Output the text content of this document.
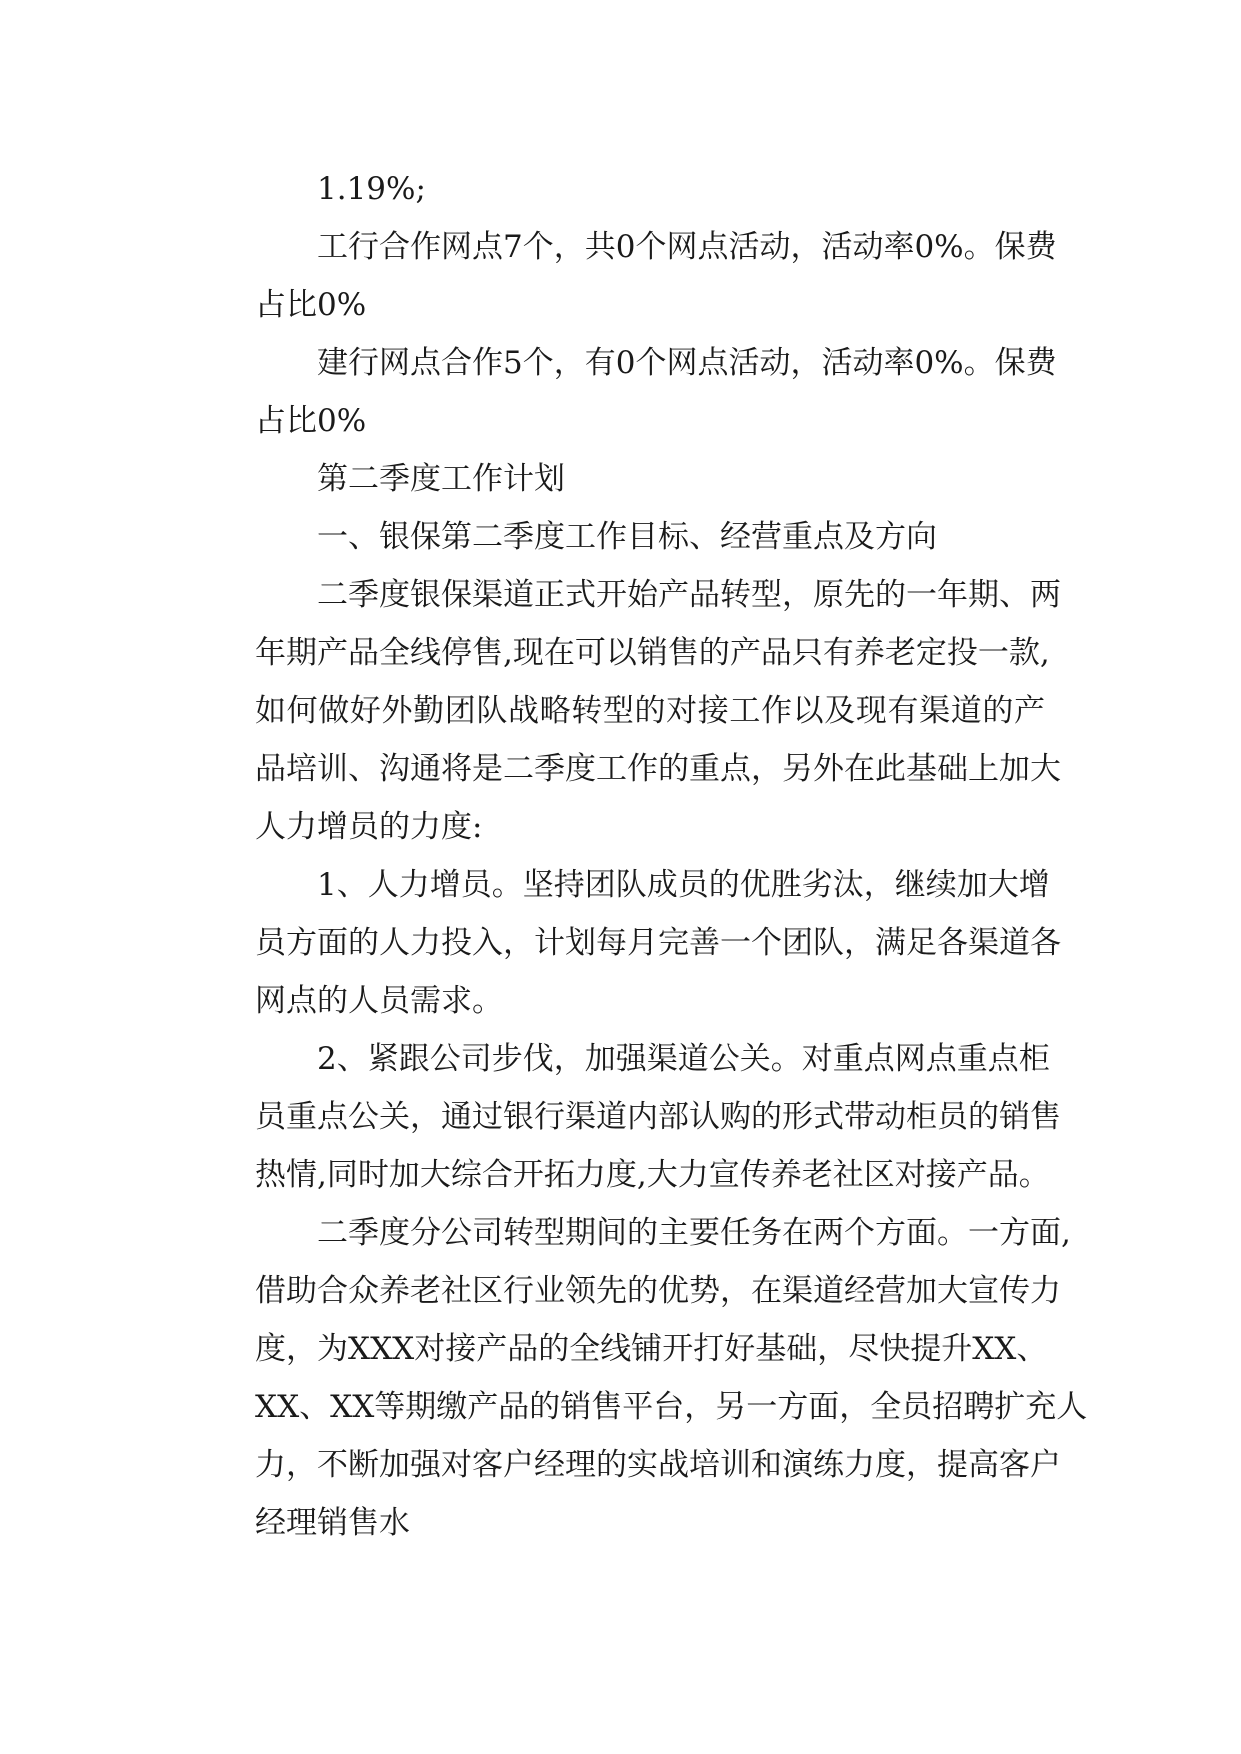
1.19%;
工行合作网点7个，共0个网点活动，活动率0%。保费
占比0%
建行网点合作5个，有0个网点活动，活动率0%。保费
占比0%
第二季度工作计划
一、银保第二季度工作目标、经营重点及方向
二季度银保渠道正式开始产品转型，原先的一年期、两
年期产品全线停售,现在可以销售的产品只有养老定投一款,
如何做好外勤团队战略转型的对接工作以及现有渠道的产
品培训、沟通将是二季度工作的重点，另外在此基础上加大
人力增员的力度:
1、人力增员。坚持团队成员的优胜劣汰，继续加大增
员方面的人力投入，计划每月完善一个团队，满足各渠道各
网点的人员需求。
2、紧跟公司步伐，加强渠道公关。对重点网点重点柜
员重点公关，通过银行渠道内部认购的形式带动柜员的销售
热情,同时加大综合开拓力度,大力宣传养老社区对接产品。
二季度分公司转型期间的主要任务在两个方面。一方面,
借助合众养老社区行业领先的优势，在渠道经营加大宣传力
度，为XXX对接产品的全线铺开打好基础，尽快提升XX、
XX、XX等期缴产品的销售平台，另一方面，全员招聘扩充人
力，不断加强对客户经理的实战培训和演练力度，提高客户
经理销售水
